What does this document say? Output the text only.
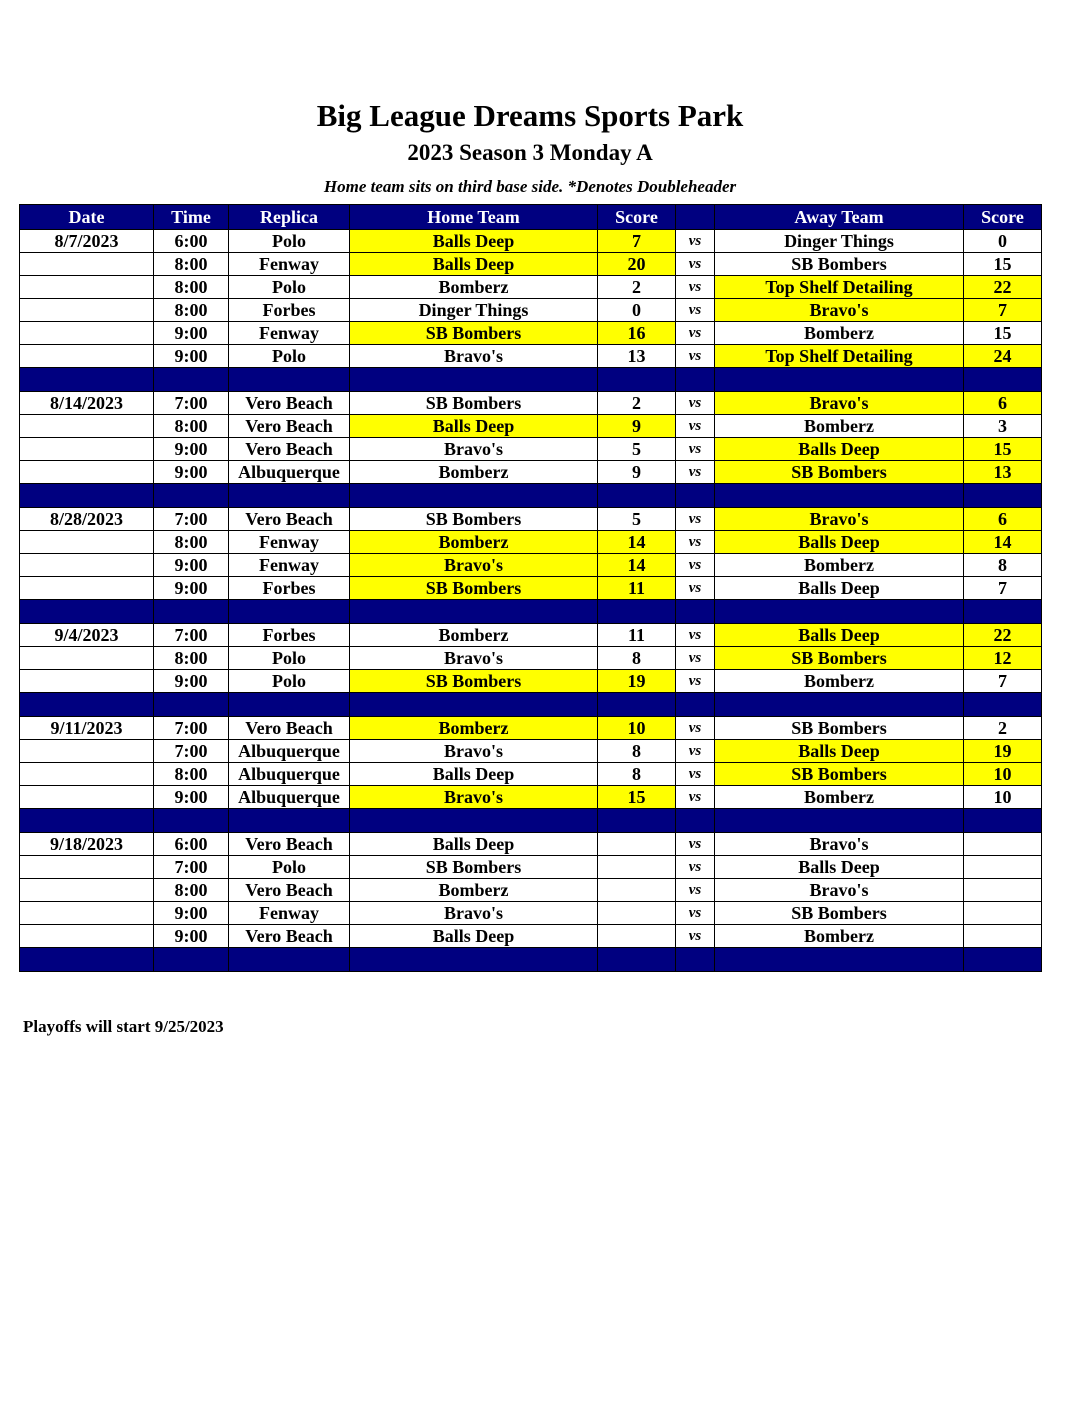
Big League Dreams Sports Park
2023 Season 3 Monday A
Home team sits on third base side. *Denotes Doubleheader
Date	Time	Replica	Home Team	Score		Away Team	Score
8/7/2023	6:00	Polo	Balls Deep	7	vs	Dinger Things	0
	8:00	Fenway	Balls Deep	20	vs	SB Bombers	15
	8:00	Polo	Bomberz	2	vs	Top Shelf Detailing	22
	8:00	Forbes	Dinger Things	0	vs	Bravo's	7
	9:00	Fenway	SB Bombers	16	vs	Bomberz	15
	9:00	Polo	Bravo's	13	vs	Top Shelf Detailing	24

8/14/2023	7:00	Vero Beach	SB Bombers	2	vs	Bravo's	6
	8:00	Vero Beach	Balls Deep	9	vs	Bomberz	3
	9:00	Vero Beach	Bravo's	5	vs	Balls Deep	15
	9:00	Albuquerque	Bomberz	9	vs	SB Bombers	13

8/28/2023	7:00	Vero Beach	SB Bombers	5	vs	Bravo's	6
	8:00	Fenway	Bomberz	14	vs	Balls Deep	14
	9:00	Fenway	Bravo's	14	vs	Bomberz	8
	9:00	Forbes	SB Bombers	11	vs	Balls Deep	7

9/4/2023	7:00	Forbes	Bomberz	11	vs	Balls Deep	22
	8:00	Polo	Bravo's	8	vs	SB Bombers	12
	9:00	Polo	SB Bombers	19	vs	Bomberz	7

9/11/2023	7:00	Vero Beach	Bomberz	10	vs	SB Bombers	2
	7:00	Albuquerque	Bravo's	8	vs	Balls Deep	19
	8:00	Albuquerque	Balls Deep	8	vs	SB Bombers	10
	9:00	Albuquerque	Bravo's	15	vs	Bomberz	10

9/18/2023	6:00	Vero Beach	Balls Deep		vs	Bravo's	
	7:00	Polo	SB Bombers		vs	Balls Deep	
	8:00	Vero Beach	Bomberz		vs	Bravo's	
	9:00	Fenway	Bravo's		vs	SB Bombers	
	9:00	Vero Beach	Balls Deep		vs	Bomberz	

Playoffs will start 9/25/2023
